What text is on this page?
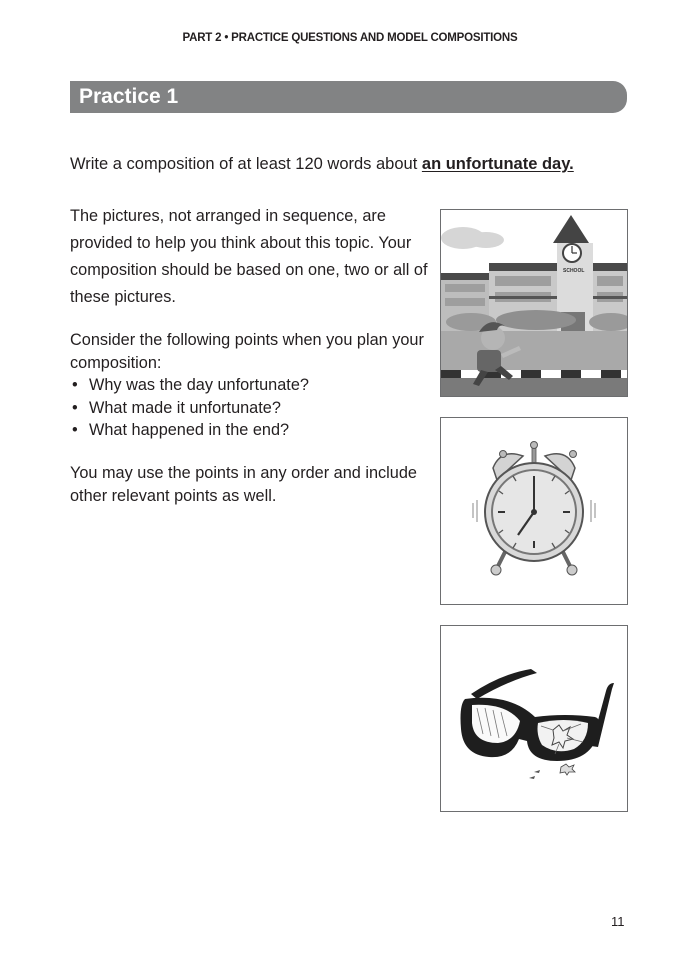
PART 2 • PRACTICE QUESTIONS AND MODEL COMPOSITIONS
Practice 1
Write a composition of at least 120 words about an unfortunate day.
The pictures, not arranged in sequence, are provided to help you think about this topic. Your composition should be based on one, two or all of these pictures.
Consider the following points when you plan your composition:
• Why was the day unfortunate?
• What made it unfortunate?
• What happened in the end?
You may use the points in any order and include other relevant points as well.
SCHOOL
11
